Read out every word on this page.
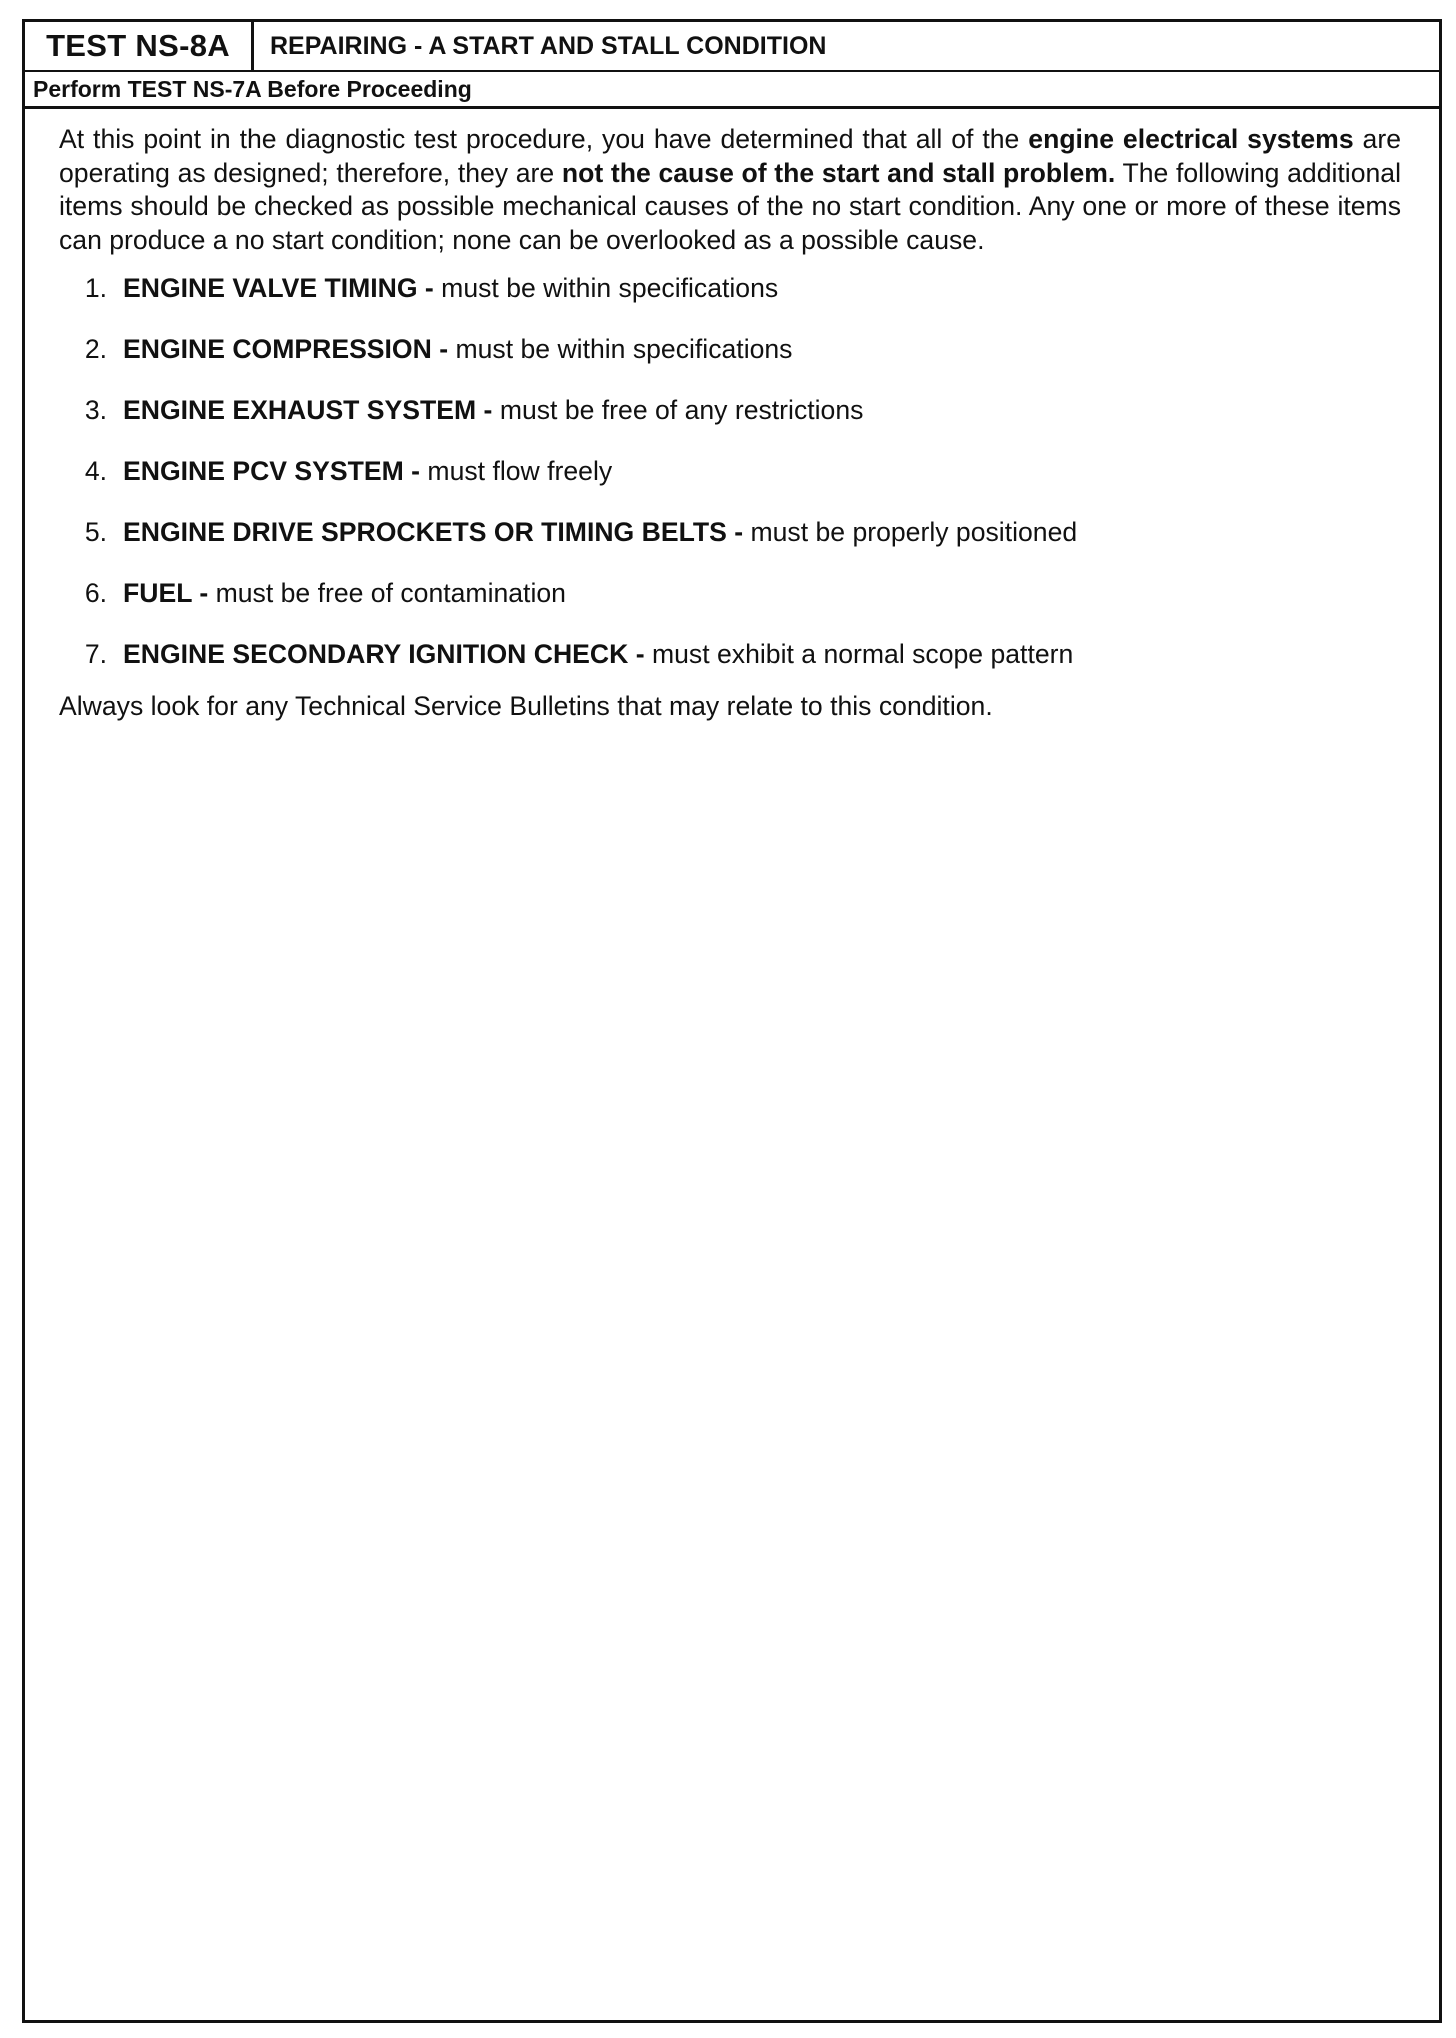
TEST NS-8A	REPAIRING - A START AND STALL CONDITION
Perform TEST NS-7A Before Proceeding

At this point in the diagnostic test procedure, you have determined that all of the engine electrical systems are operating as designed; therefore, they are not the cause of the start and stall problem. The following additional items should be checked as possible mechanical causes of the no start condition. Any one or more of these items can produce a no start condition; none can be overlooked as a possible cause.

1. ENGINE VALVE TIMING - must be within specifications
2. ENGINE COMPRESSION - must be within specifications
3. ENGINE EXHAUST SYSTEM - must be free of any restrictions
4. ENGINE PCV SYSTEM - must flow freely
5. ENGINE DRIVE SPROCKETS OR TIMING BELTS - must be properly positioned
6. FUEL - must be free of contamination
7. ENGINE SECONDARY IGNITION CHECK - must exhibit a normal scope pattern

Always look for any Technical Service Bulletins that may relate to this condition.
